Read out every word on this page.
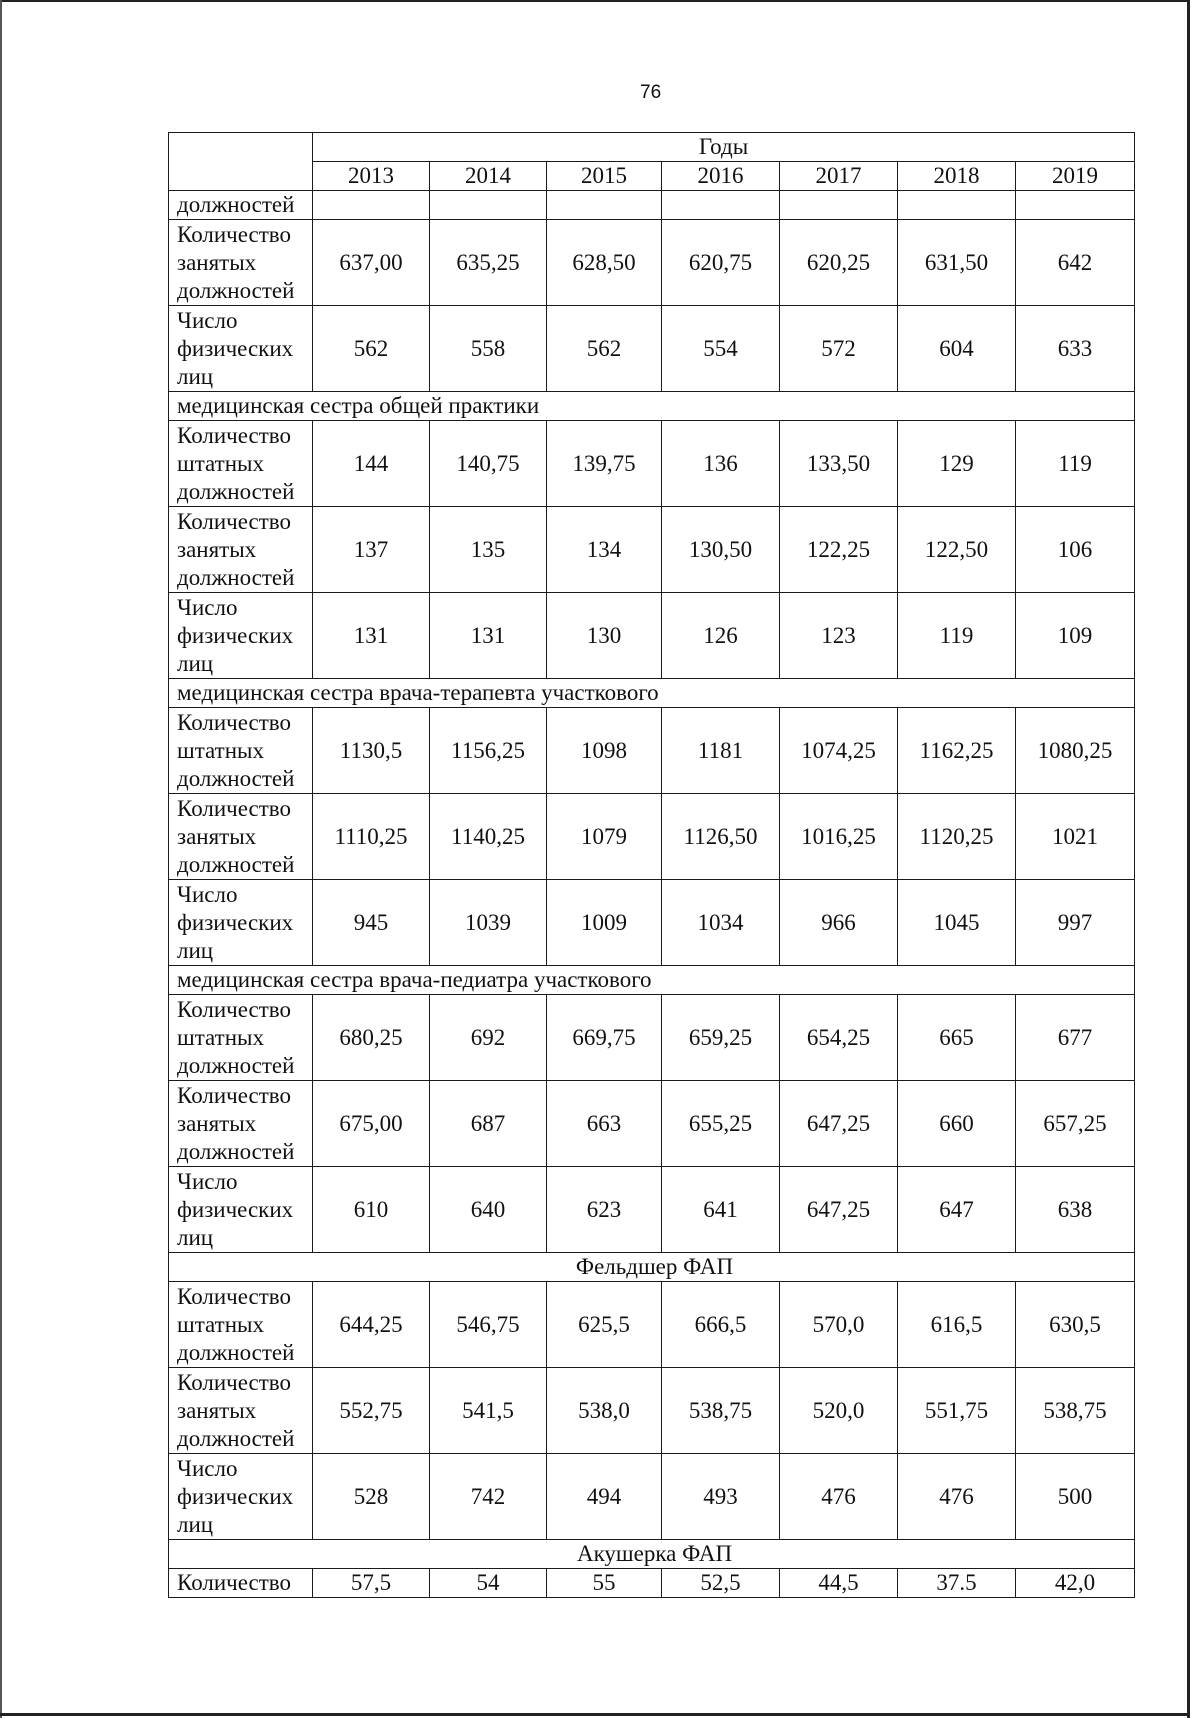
76
	Годы						
	2013	2014	2015	2016	2017	2018	2019
должностей							

Количество
занятых
должностей	637,00	635,25	628,50	620,75	620,25	631,50	642

Число
физических
лиц	562	558	562	554	572	604	633
медицинская сестра общей практики							

Количество
штатных
должностей	144	140,75	139,75	136	133,50	129	119

Количество
занятых
должностей	137	135	134	130,50	122,25	122,50	106

Число
физических
лиц	131	131	130	126	123	119	109
медицинская сестра врача-терапевта участкового							

Количество
штатных
должностей	1130,5	1156,25	1098	1181	1074,25	1162,25	1080,25

Количество
занятых
должностей	1110,25	1140,25	1079	1126,50	1016,25	1120,25	1021

Число
физических
лиц	945	1039	1009	1034	966	1045	997
медицинская сестра врача-педиатра участкового							

Количество
штатных
должностей	680,25	692	669,75	659,25	654,25	665	677

Количество
занятых
должностей	675,00	687	663	655,25	647,25	660	657,25

Число
физических
лиц	610	640	623	641	647,25	647	638
Фельдшер ФАП							

Количество
штатных
должностей	644,25	546,75	625,5	666,5	570,0	616,5	630,5

Количество
занятых
должностей	552,75	541,5	538,0	538,75	520,0	551,75	538,75

Число
физических
лиц	528	742	494	493	476	476	500
Акушерка ФАП							

Количество	57,5	54	55	52,5	44,5	37.5	42,0
